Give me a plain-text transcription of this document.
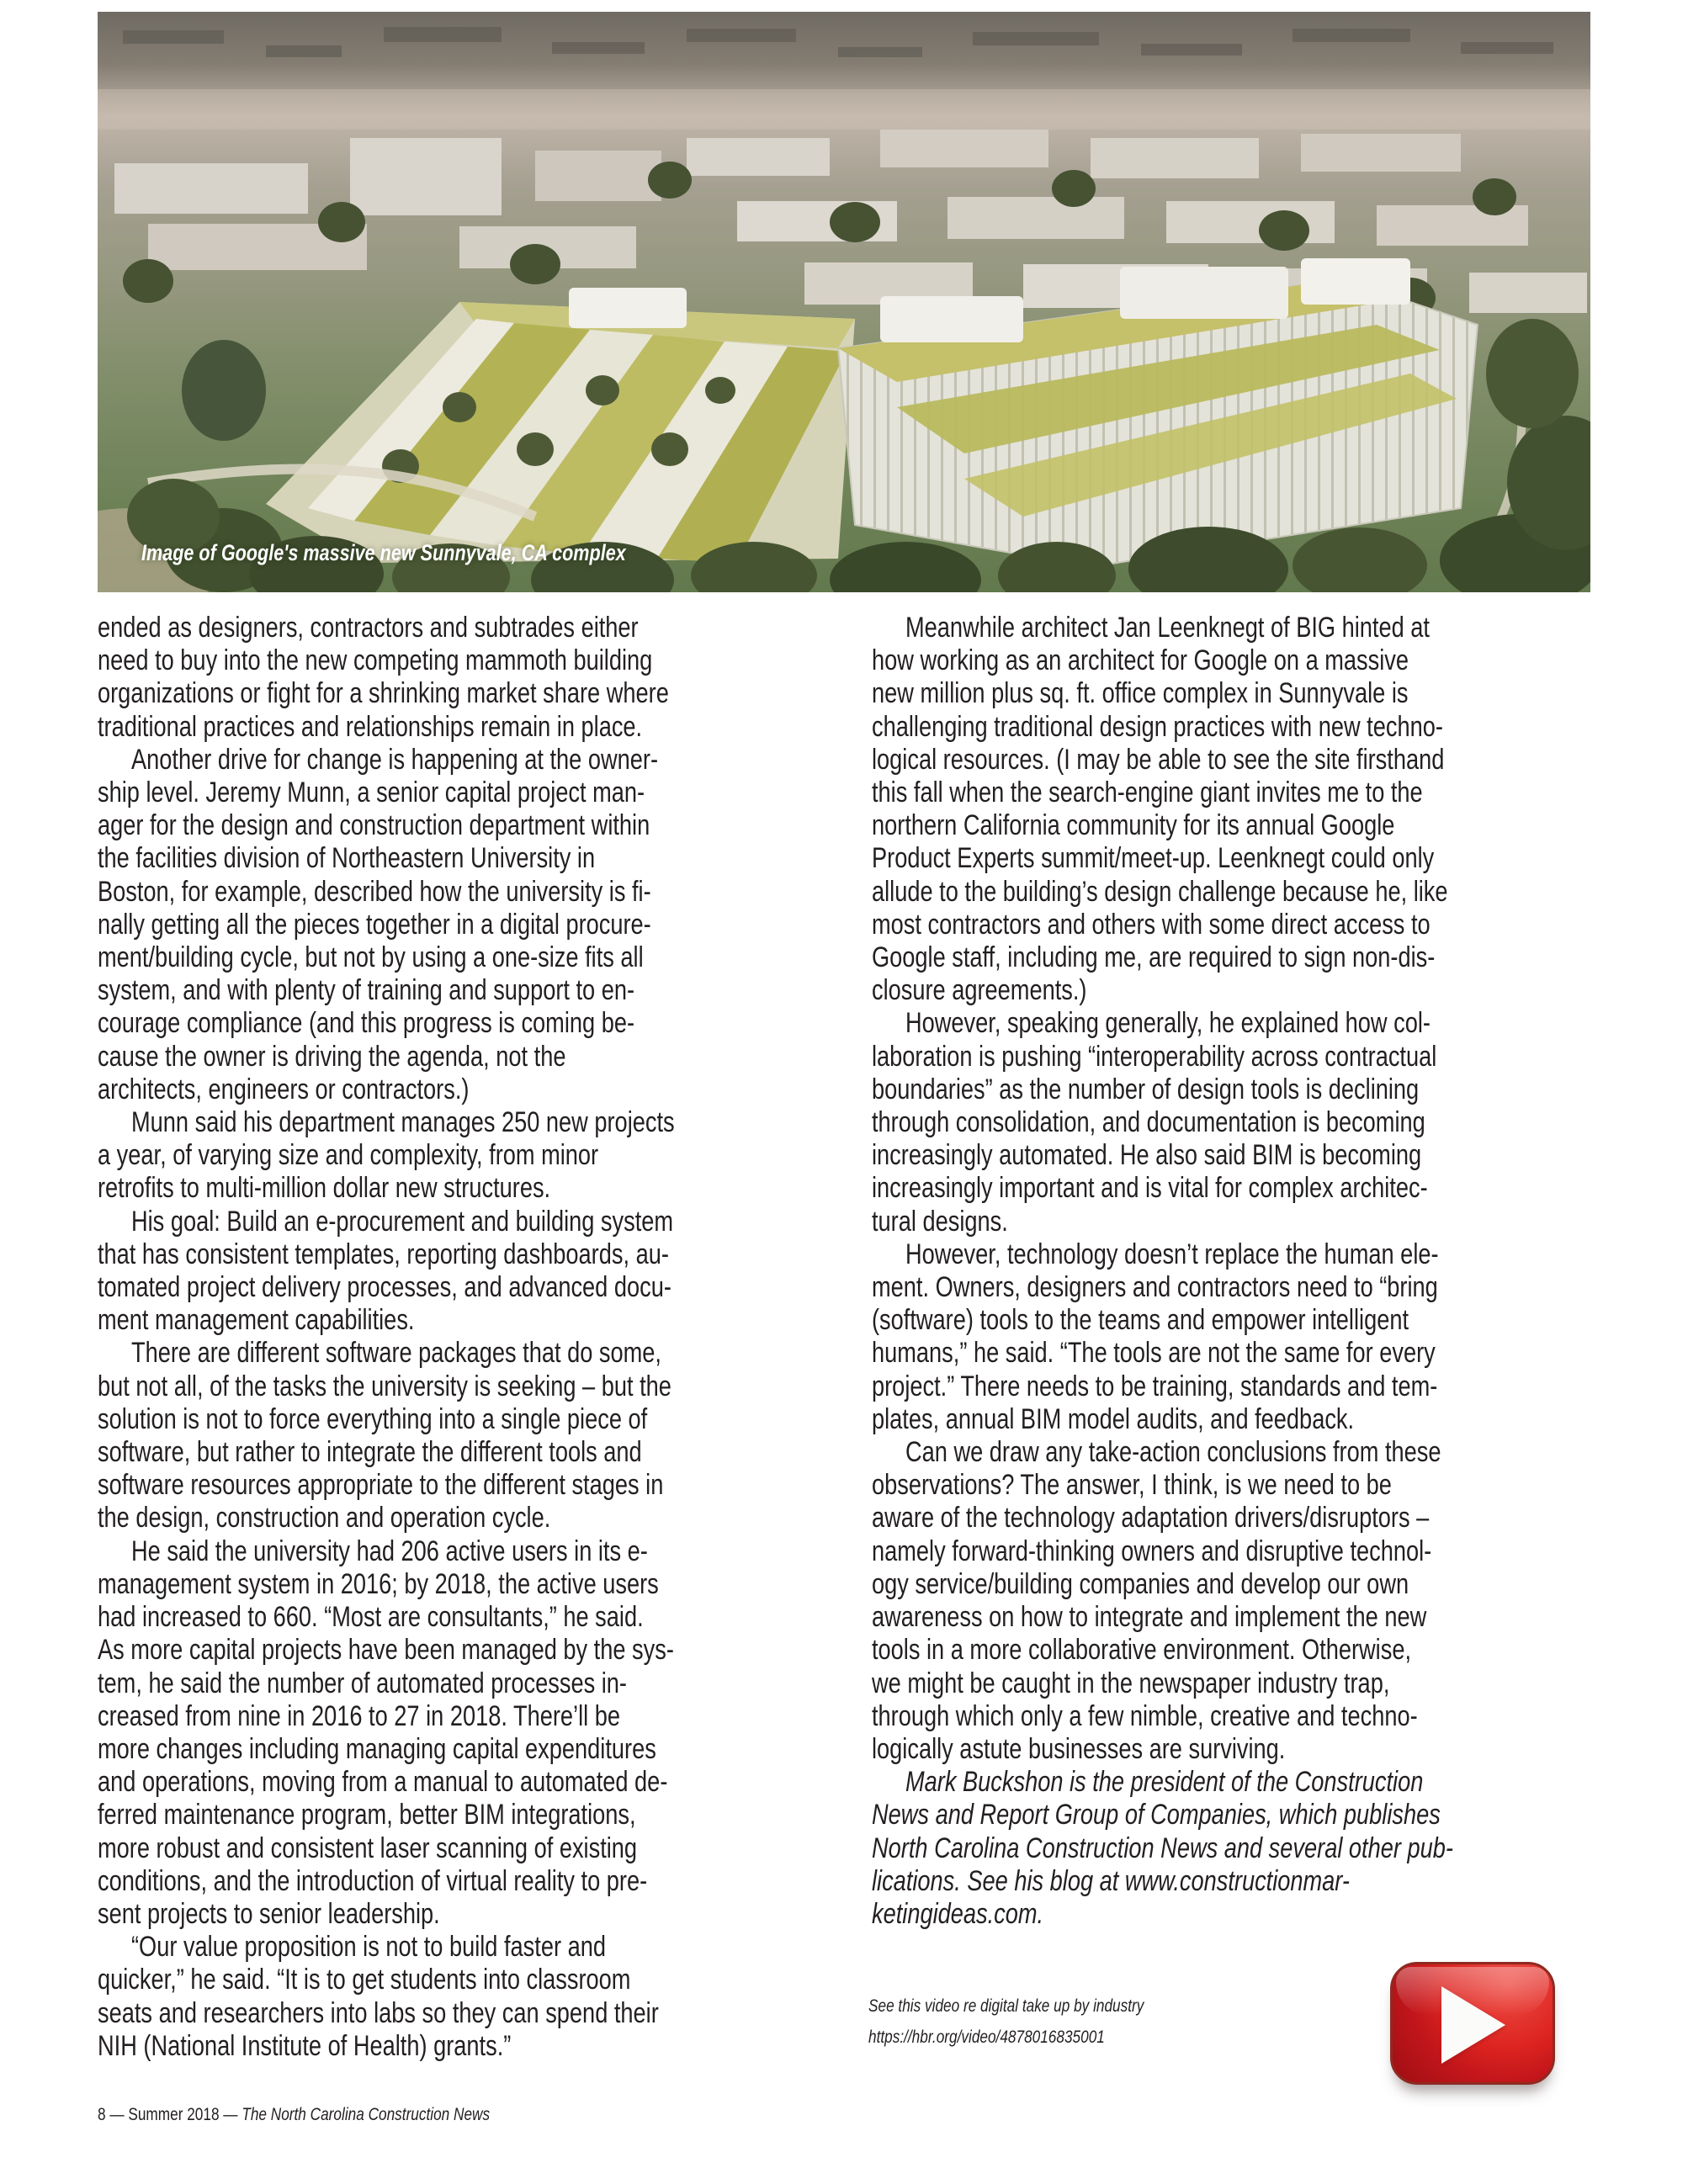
Image of Google's massive new Sunnyvale, CA complex
ended as designers, contractors and subtrades either
need to buy into the new competing mammoth building
organizations or fight for a shrinking market share where
traditional practices and relationships remain in place.
Another drive for change is happening at the owner-
ship level. Jeremy Munn, a senior capital project man-
ager for the design and construction department within
the facilities division of Northeastern University in
Boston, for example, described how the university is fi-
nally getting all the pieces together in a digital procure-
ment/building cycle, but not by using a one-size fits all
system, and with plenty of training and support to en-
courage compliance (and this progress is coming be-
cause the owner is driving the agenda, not the
architects, engineers or contractors.)
Munn said his department manages 250 new projects
a year, of varying size and complexity, from minor
retrofits to multi-million dollar new structures.
His goal: Build an e-procurement and building system
that has consistent templates, reporting dashboards, au-
tomated project delivery processes, and advanced docu-
ment management capabilities.
There are different software packages that do some,
but not all, of the tasks the university is seeking – but the
solution is not to force everything into a single piece of
software, but rather to integrate the different tools and
software resources appropriate to the different stages in
the design, construction and operation cycle.
He said the university had 206 active users in its e-
management system in 2016; by 2018, the active users
had increased to 660. “Most are consultants,” he said.
As more capital projects have been managed by the sys-
tem, he said the number of automated processes in-
creased from nine in 2016 to 27 in 2018. There’ll be
more changes including managing capital expenditures
and operations, moving from a manual to automated de-
ferred maintenance program, better BIM integrations,
more robust and consistent laser scanning of existing
conditions, and the introduction of virtual reality to pre-
sent projects to senior leadership.
“Our value proposition is not to build faster and
quicker,” he said. “It is to get students into classroom
seats and researchers into labs so they can spend their
NIH (National Institute of Health) grants.”
Meanwhile architect Jan Leenknegt of BIG hinted at
how working as an architect for Google on a massive
new million plus sq. ft. office complex in Sunnyvale is
challenging traditional design practices with new techno-
logical resources. (I may be able to see the site firsthand
this fall when the search-engine giant invites me to the
northern California community for its annual Google
Product Experts summit/meet-up. Leenknegt could only
allude to the building’s design challenge because he, like
most contractors and others with some direct access to
Google staff, including me, are required to sign non-dis-
closure agreements.)
However, speaking generally, he explained how col-
laboration is pushing “interoperability across contractual
boundaries” as the number of design tools is declining
through consolidation, and documentation is becoming
increasingly automated. He also said BIM is becoming
increasingly important and is vital for complex architec-
tural designs.
However, technology doesn’t replace the human ele-
ment. Owners, designers and contractors need to “bring
(software) tools to the teams and empower intelligent
humans,” he said. “The tools are not the same for every
project.” There needs to be training, standards and tem-
plates, annual BIM model audits, and feedback.
Can we draw any take-action conclusions from these
observations? The answer, I think, is we need to be
aware of the technology adaptation drivers/disruptors –
namely forward-thinking owners and disruptive technol-
ogy service/building companies and develop our own
awareness on how to integrate and implement the new
tools in a more collaborative environment. Otherwise,
we might be caught in the newspaper industry trap,
through which only a few nimble, creative and techno-
logically astute businesses are surviving.
Mark Buckshon is the president of the Construction
News and Report Group of Companies, which publishes
North Carolina Construction News and several other pub-
lications. See his blog at www.constructionmar-
ketingideas.com.
See this video re digital take up by industry
https://hbr.org/video/4878016835001
8 — Summer 2018 — The North Carolina Construction News
